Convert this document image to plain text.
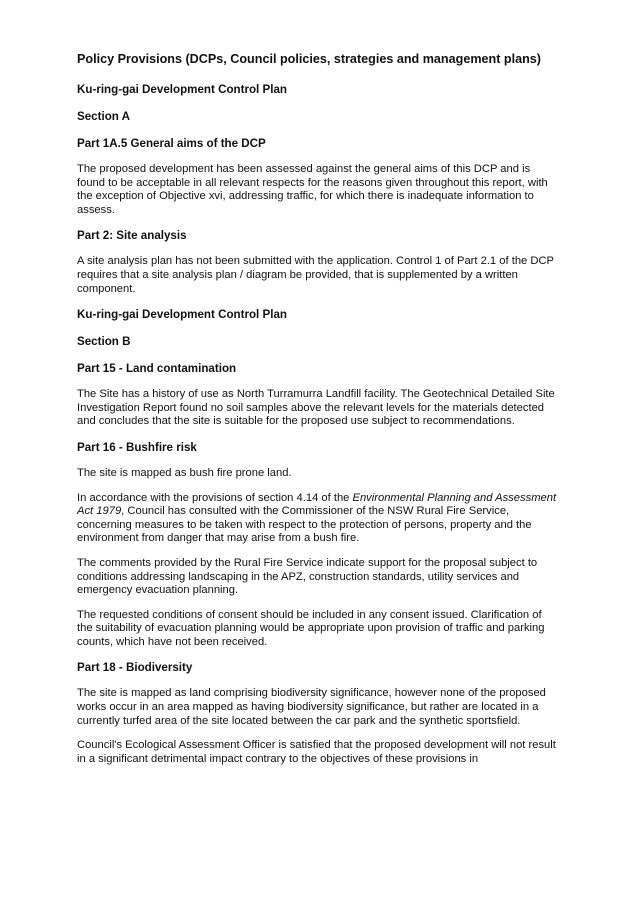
Policy Provisions (DCPs, Council policies, strategies and management plans)
Ku-ring-gai Development Control Plan
Section A
Part 1A.5 General aims of the DCP

The proposed development has been assessed against the general aims of this DCP and is found to be acceptable in all relevant respects for the reasons given throughout this report, with the exception of Objective xvi, addressing traffic, for which there is inadequate information to assess.

Part 2: Site analysis

A site analysis plan has not been submitted with the application. Control 1 of Part 2.1 of the DCP requires that a site analysis plan / diagram be provided, that is supplemented by a written component.

Ku-ring-gai Development Control Plan
Section B
Part 15 - Land contamination

The Site has a history of use as North Turramurra Landfill facility. The Geotechnical Detailed Site Investigation Report found no soil samples above the relevant levels for the materials detected and concludes that the site is suitable for the proposed use subject to recommendations.

Part 16 - Bushfire risk

The site is mapped as bush fire prone land.

In accordance with the provisions of section 4.14 of the Environmental Planning and Assessment Act 1979, Council has consulted with the Commissioner of the NSW Rural Fire Service, concerning measures to be taken with respect to the protection of persons, property and the environment from danger that may arise from a bush fire.

The comments provided by the Rural Fire Service indicate support for the proposal subject to conditions addressing landscaping in the APZ, construction standards, utility services and emergency evacuation planning.

The requested conditions of consent should be included in any consent issued. Clarification of the suitability of evacuation planning would be appropriate upon provision of traffic and parking counts, which have not been received.

Part 18 - Biodiversity

The site is mapped as land comprising biodiversity significance, however none of the proposed works occur in an area mapped as having biodiversity significance, but rather are located in a currently turfed area of the site located between the car park and the synthetic sportsfield.

Council's Ecological Assessment Officer is satisfied that the proposed development will not result in a significant detrimental impact contrary to the objectives of these provisions in
